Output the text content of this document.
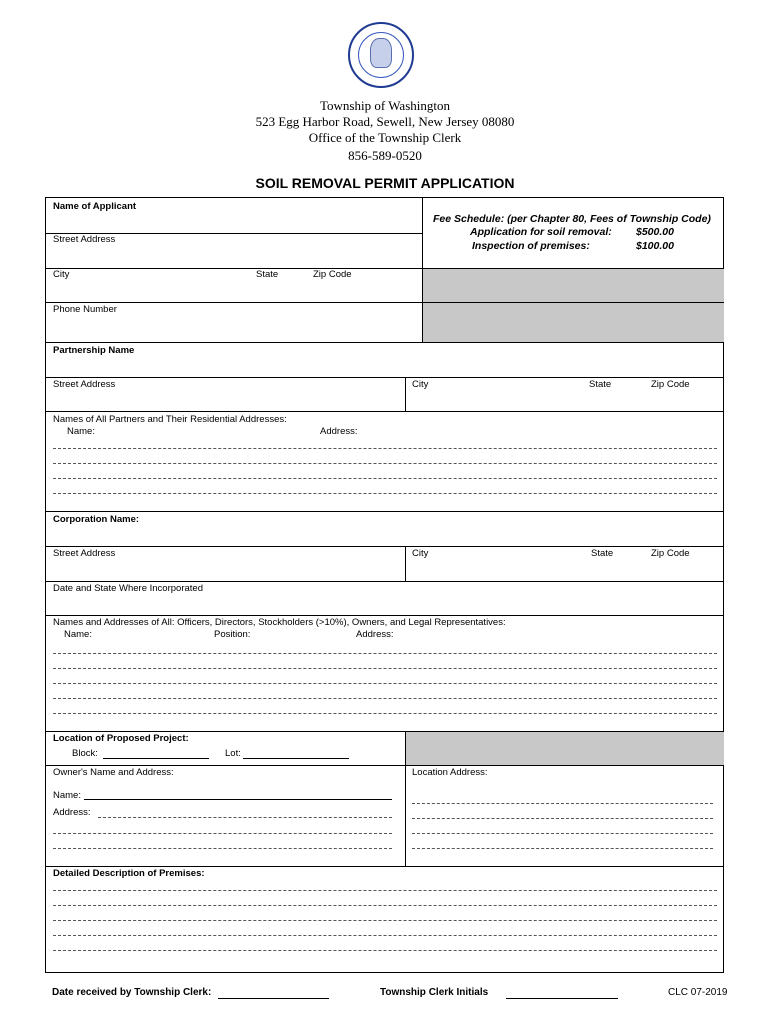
Township of Washington
523 Egg Harbor Road, Sewell, New Jersey 08080
Office of the Township Clerk
856-589-0520
SOIL REMOVAL PERMIT APPLICATION
Name of Applicant
Street Address
City	State	Zip Code
Phone Number
Fee Schedule: (per Chapter 80, Fees of Township Code)
Application for soil removal: $500.00
Inspection of premises:	$100.00
Partnership Name
Street Address	City	State	Zip Code
Names of All Partners and Their Residential Addresses:
Name:	Address:
Corporation Name:
Street Address	City	State	Zip Code
Date and State Where Incorporated
Names and Addresses of All: Officers, Directors, Stockholders (>10%), Owners, and Legal Representatives:
Name:	Position:	Address:
Location of Proposed Project:
Block:	Lot:
Owner's Name and Address:	Location Address:
Name:
Address:
Detailed Description of Premises:
Date received by Township Clerk:	Township Clerk Initials	CLC 07-2019
